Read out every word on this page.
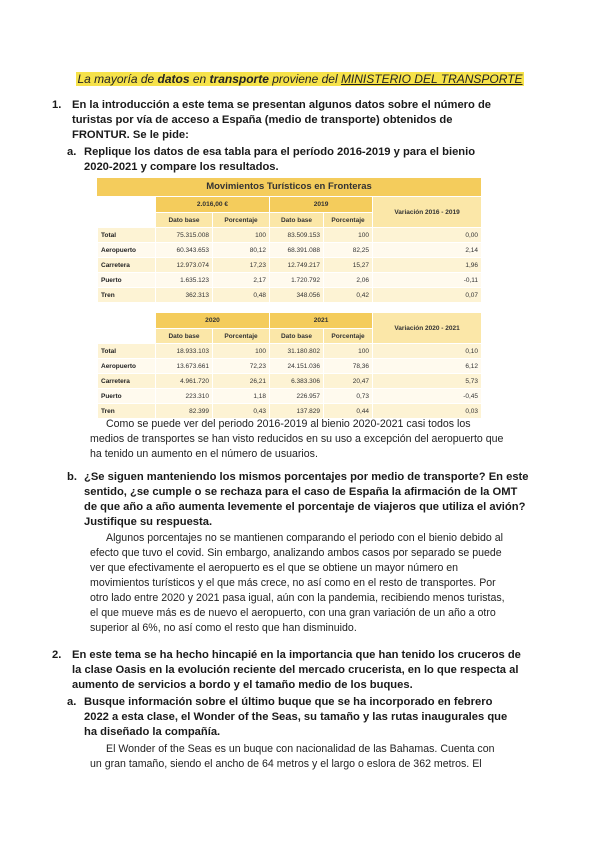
La mayoría de datos en transporte proviene del MINISTERIO DEL TRANSPORTE
1. En la introducción a este tema se presentan algunos datos sobre el número de turistas por vía de acceso a España (medio de transporte) obtenidos de FRONTUR. Se le pide:
a. Replique los datos de esa tabla para el período 2016-2019 y para el bienio 2020-2021 y compare los resultados.
Movimientos Turísticos en Fronteras
	2.016,00 €		2019		Variación 2016 - 2019
	Dato base	Porcentaje	Dato base	Porcentaje	
Total	75.315.008	100	83.509.153	100	0,00
Aeropuerto	60.343.653	80,12	68.391.088	82,25	2,14
Carretera	12.973.074	17,23	12.749.217	15,27	1,96
Puerto	1.635.123	2,17	1.720.792	2,06	-0,11
Tren	362.313	0,48	348.056	0,42	0,07
	2020		2021		Variación 2020 - 2021
	Dato base	Porcentaje	Dato base	Porcentaje	
Total	18.933.103	100	31.180.802	100	0,10
Aeropuerto	13.673.661	72,23	24.151.036	78,36	6,12
Carretera	4.961.720	26,21	6.383.306	20,47	5,73
Puerto	223.310	1,18	226.957	0,73	-0,45
Tren	82.399	0,43	137.829	0,44	0,03
Como se puede ver del periodo 2016-2019 al bienio 2020-2021 casi todos los
medios de transportes se han visto reducidos en su uso a excepción del aeropuerto que
ha tenido un aumento en el número de usuarios.
b. ¿Se siguen manteniendo los mismos porcentajes por medio de transporte? En este sentido, ¿se cumple o se rechaza para el caso de España la afirmación de la OMT de que año a año aumenta levemente el porcentaje de viajeros que utiliza el avión? Justifique su respuesta.
Algunos porcentajes no se mantienen comparando el periodo con el bienio debido al
efecto que tuvo el covid. Sin embargo, analizando ambos casos por separado se puede
ver que efectivamente el aeropuerto es el que se obtiene un mayor número en
movimientos turísticos y el que más crece, no así como en el resto de transportes. Por
otro lado entre 2020 y 2021 pasa igual, aún con la pandemia, recibiendo menos turistas,
el que mueve más es de nuevo el aeropuerto, con una gran variación de un año a otro
superior al 6%, no así como el resto que han disminuido.
2. En este tema se ha hecho hincapié en la importancia que han tenido los cruceros de la clase Oasis en la evolución reciente del mercado crucerista, en lo que respecta al aumento de servicios a bordo y el tamaño medio de los buques.
a. Busque información sobre el último buque que se ha incorporado en febrero 2022 a esta clase, el Wonder of the Seas, su tamaño y las rutas inaugurales que ha diseñado la compañía.
El Wonder of the Seas es un buque con nacionalidad de las Bahamas. Cuenta con
un gran tamaño, siendo el ancho de 64 metros y el largo o eslora de 362 metros. El
